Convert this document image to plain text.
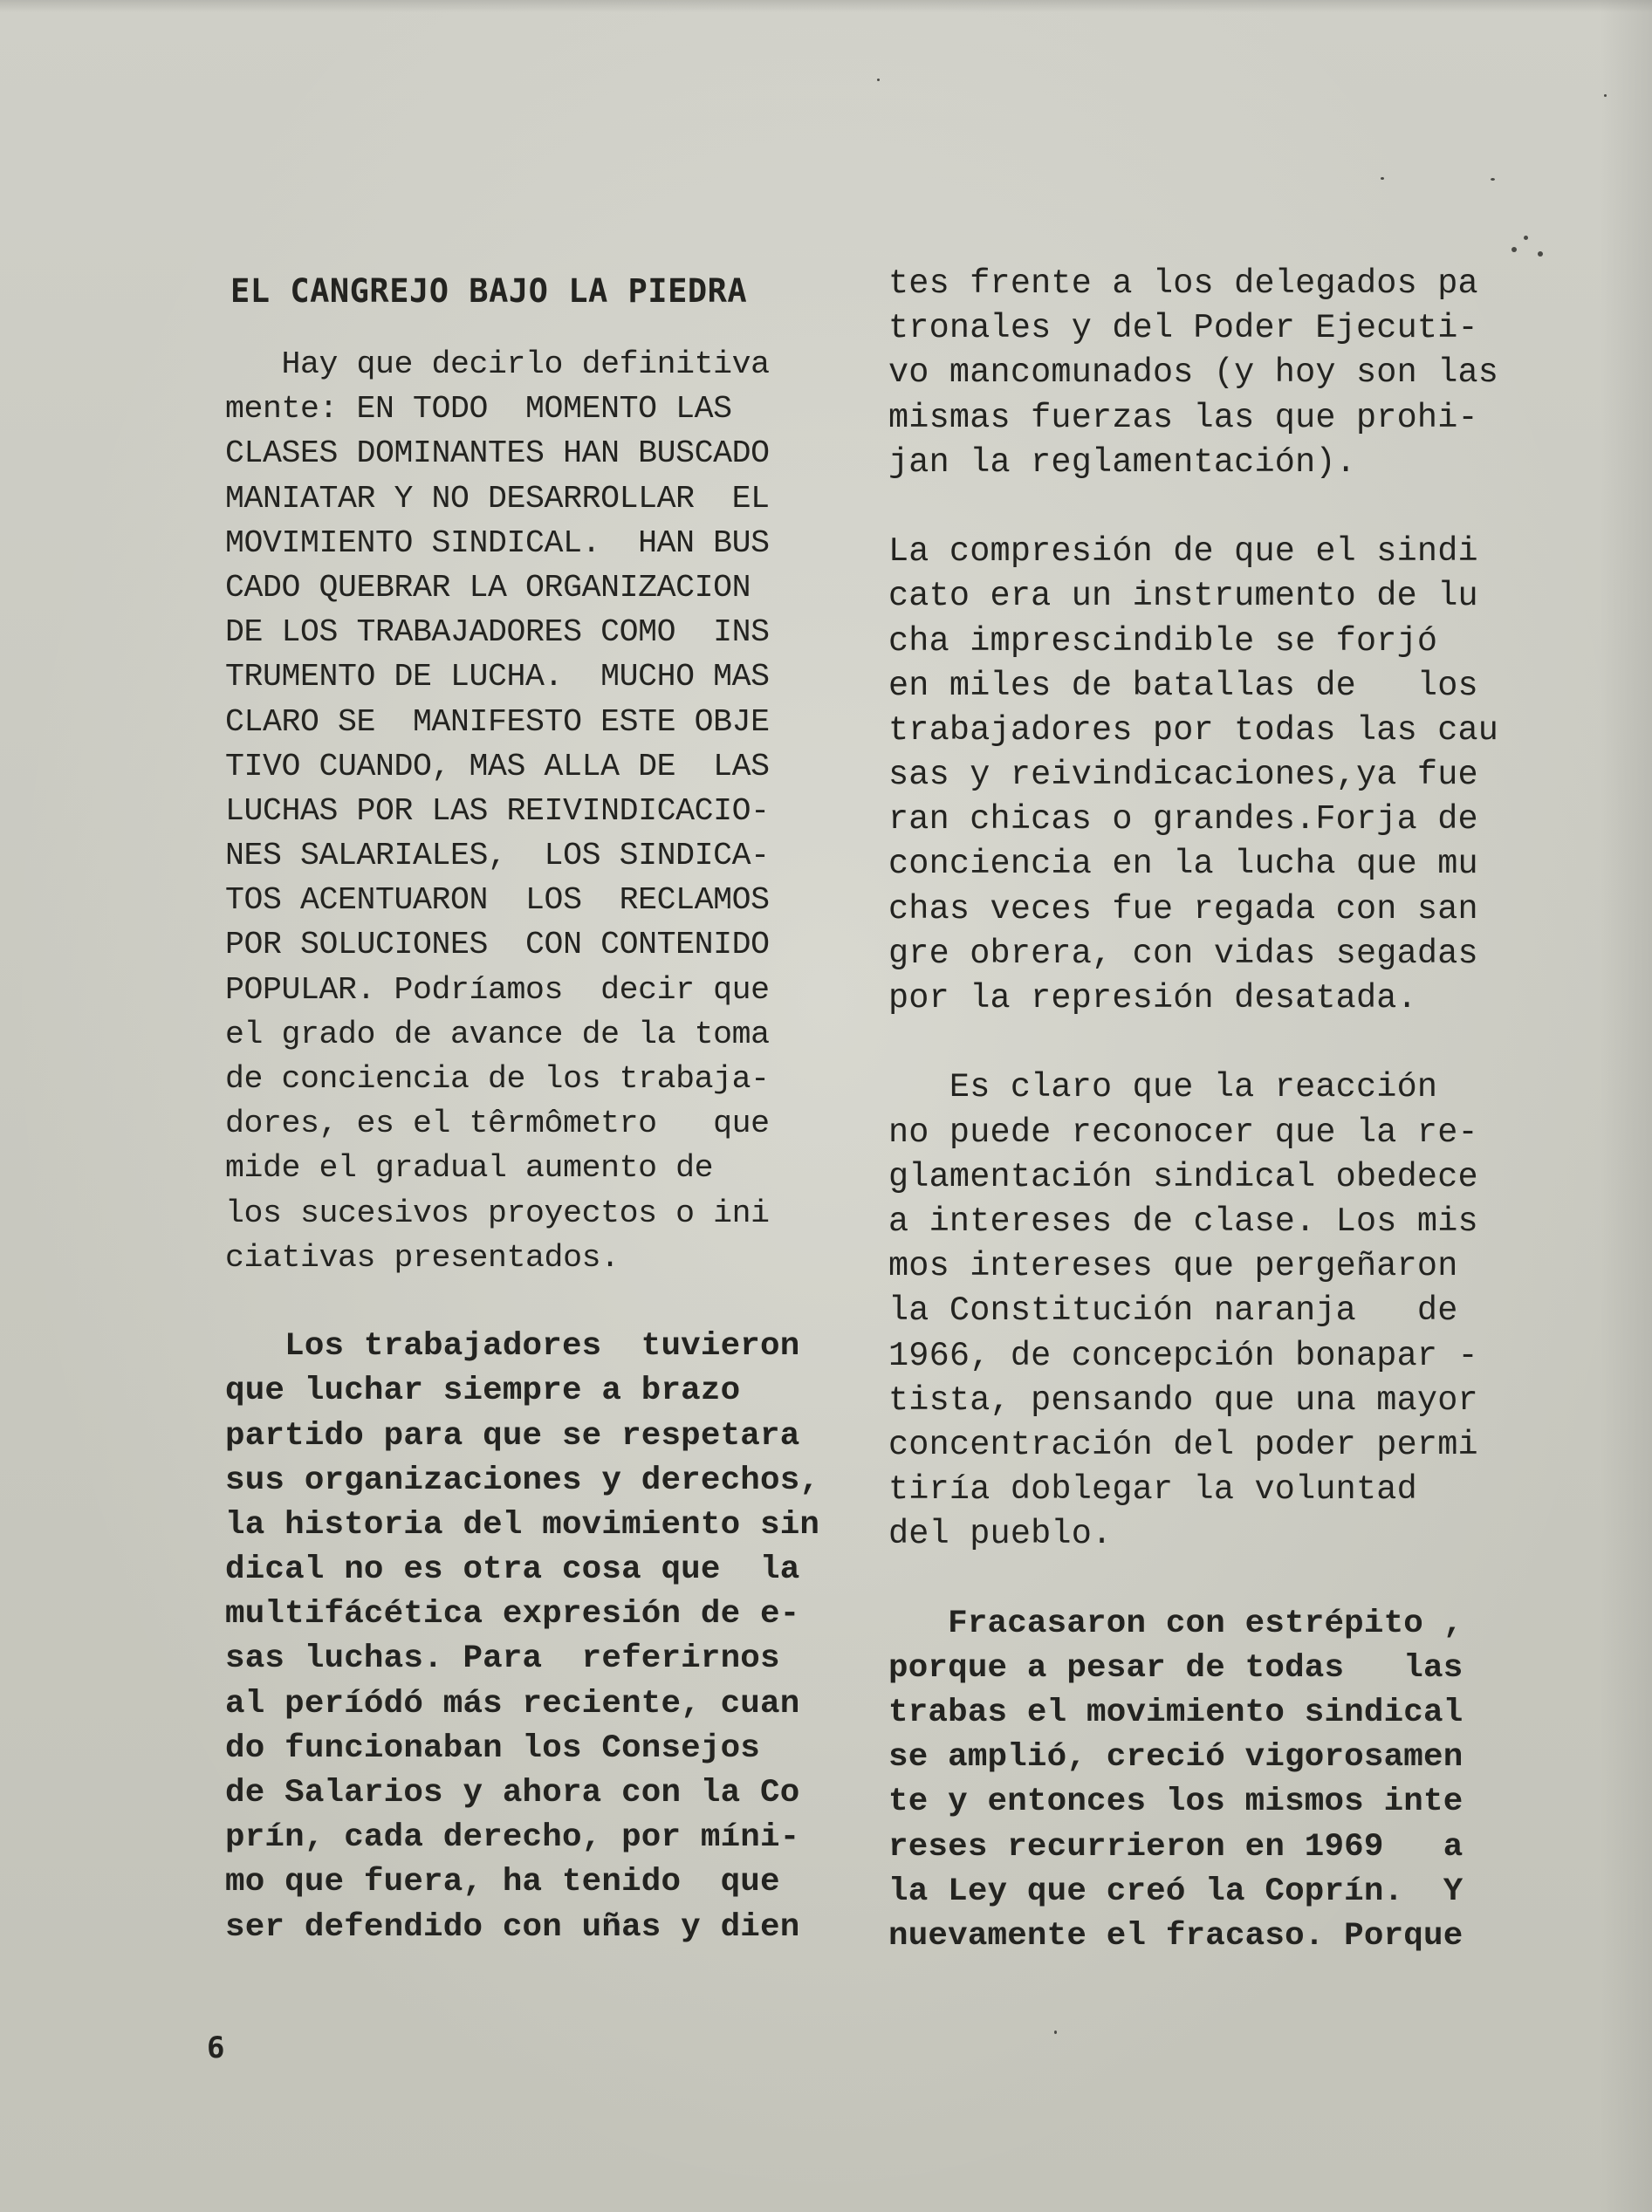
EL CANGREJO BAJO LA PIEDRA
Hay que decirlo definitiva
mente: EN TODO  MOMENTO LAS
CLASES DOMINANTES HAN BUSCADO
MANIATAR Y NO DESARROLLAR  EL
MOVIMIENTO SINDICAL.  HAN BUS
CADO QUEBRAR LA ORGANIZACION
DE LOS TRABAJADORES COMO  INS
TRUMENTO DE LUCHA.  MUCHO MAS
CLARO SE  MANIFESTO ESTE OBJE
TIVO CUANDO, MAS ALLA DE  LAS
LUCHAS POR LAS REIVINDICACIO-
NES SALARIALES,  LOS SINDICA-
TOS ACENTUARON  LOS  RECLAMOS
POR SOLUCIONES  CON CONTENIDO
POPULAR. Podríamos  decir que
el grado de avance de la toma
de conciencia de los trabaja-
dores, es el têrmômetro   que
mide el gradual aumento de
los sucesivos proyectos o ini
ciativas presentados.
Los trabajadores  tuvieron
que luchar siempre a brazo
partido para que se respetara
sus organizaciones y derechos,
la historia del movimiento sin
dical no es otra cosa que  la
multifácética expresión de e-
sas luchas. Para  referirnos
al períódó más reciente, cuan
do funcionaban los Consejos
de Salarios y ahora con la Co
prín, cada derecho, por míni-
mo que fuera, ha tenido  que
ser defendido con uñas y dien
tes frente a los delegados pa
tronales y del Poder Ejecuti-
vo mancomunados (y hoy son las
mismas fuerzas las que prohi-
jan la reglamentación).
La compresión de que el sindi
cato era un instrumento de lu
cha imprescindible se forjó
en miles de batallas de   los
trabajadores por todas las cau
sas y reivindicaciones,ya fue
ran chicas o grandes.Forja de
conciencia en la lucha que mu
chas veces fue regada con san
gre obrera, con vidas segadas
por la represión desatada.
Es claro que la reacción
no puede reconocer que la re-
glamentación sindical obedece
a intereses de clase. Los mis
mos intereses que pergeñaron
la Constitución naranja   de
1966, de concepción bonapar -
tista, pensando que una mayor
concentración del poder permi
tiría doblegar la voluntad
del pueblo.
Fracasaron con estrépito ,
porque a pesar de todas   las
trabas el movimiento sindical
se amplió, creció vigorosamen
te y entonces los mismos inte
reses recurrieron en 1969   a
la Ley que creó la Coprín.  Y
nuevamente el fracaso. Porque
6
